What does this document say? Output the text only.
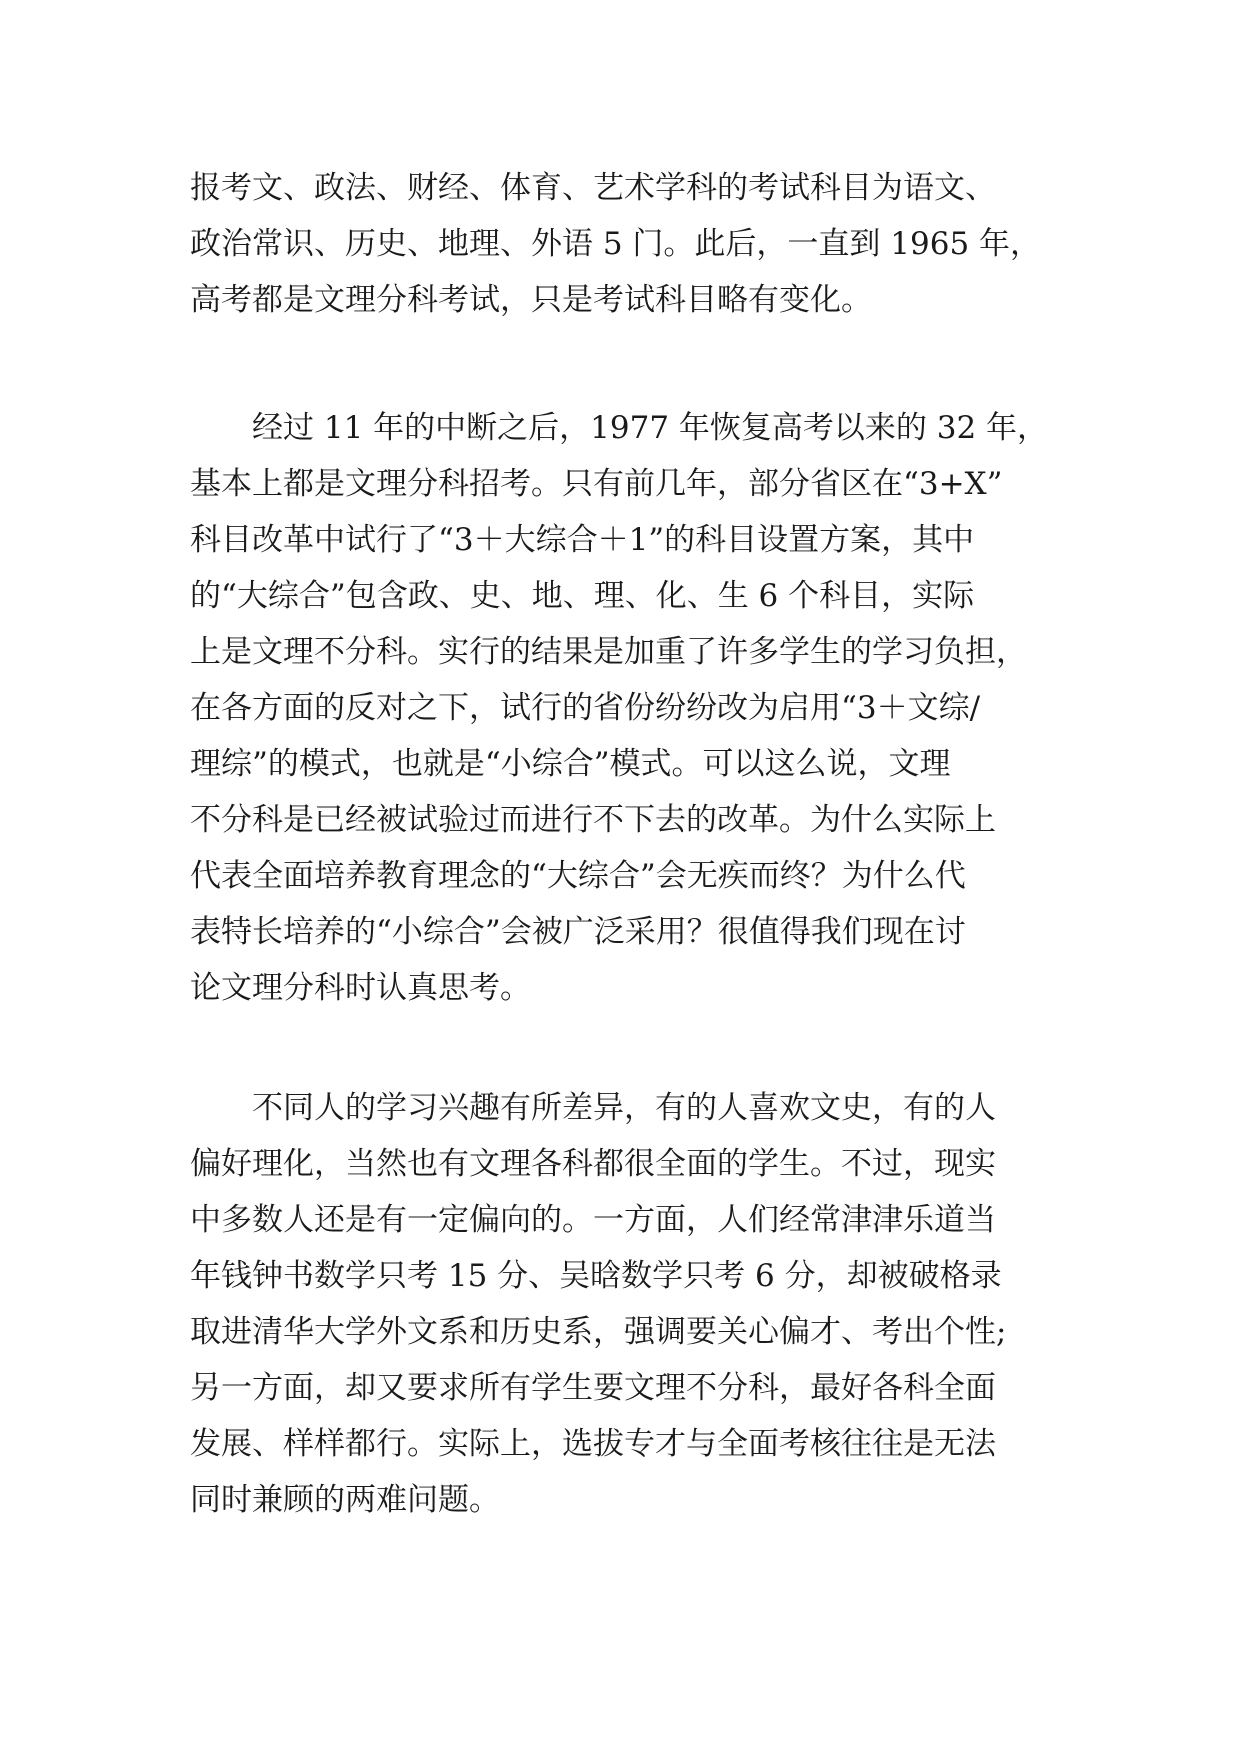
报考文、政法、财经、体育、艺术学科的考试科目为语文、
政治常识、历史、地理、外语 5 门。此后，一直到 1965 年，
高考都是文理分科考试，只是考试科目略有变化。
经过 11 年的中断之后，1977 年恢复高考以来的 32 年，
基本上都是文理分科招考。只有前几年，部分省区在“3+X”
科目改革中试行了“3＋大综合＋1”的科目设置方案，其中
的“大综合”包含政、史、地、理、化、生 6 个科目，实际
上是文理不分科。实行的结果是加重了许多学生的学习负担，
在各方面的反对之下，试行的省份纷纷改为启用“3＋文综/
理综”的模式，也就是“小综合”模式。可以这么说，文理
不分科是已经被试验过而进行不下去的改革。为什么实际上
代表全面培养教育理念的“大综合”会无疾而终？为什么代
表特长培养的“小综合”会被广泛采用？很值得我们现在讨
论文理分科时认真思考。
不同人的学习兴趣有所差异，有的人喜欢文史，有的人
偏好理化，当然也有文理各科都很全面的学生。不过，现实
中多数人还是有一定偏向的。一方面，人们经常津津乐道当
年钱钟书数学只考 15 分、吴晗数学只考 6 分，却被破格录
取进清华大学外文系和历史系，强调要关心偏才、考出个性;
另一方面，却又要求所有学生要文理不分科，最好各科全面
发展、样样都行。实际上，选拔专才与全面考核往往是无法
同时兼顾的两难问题。
